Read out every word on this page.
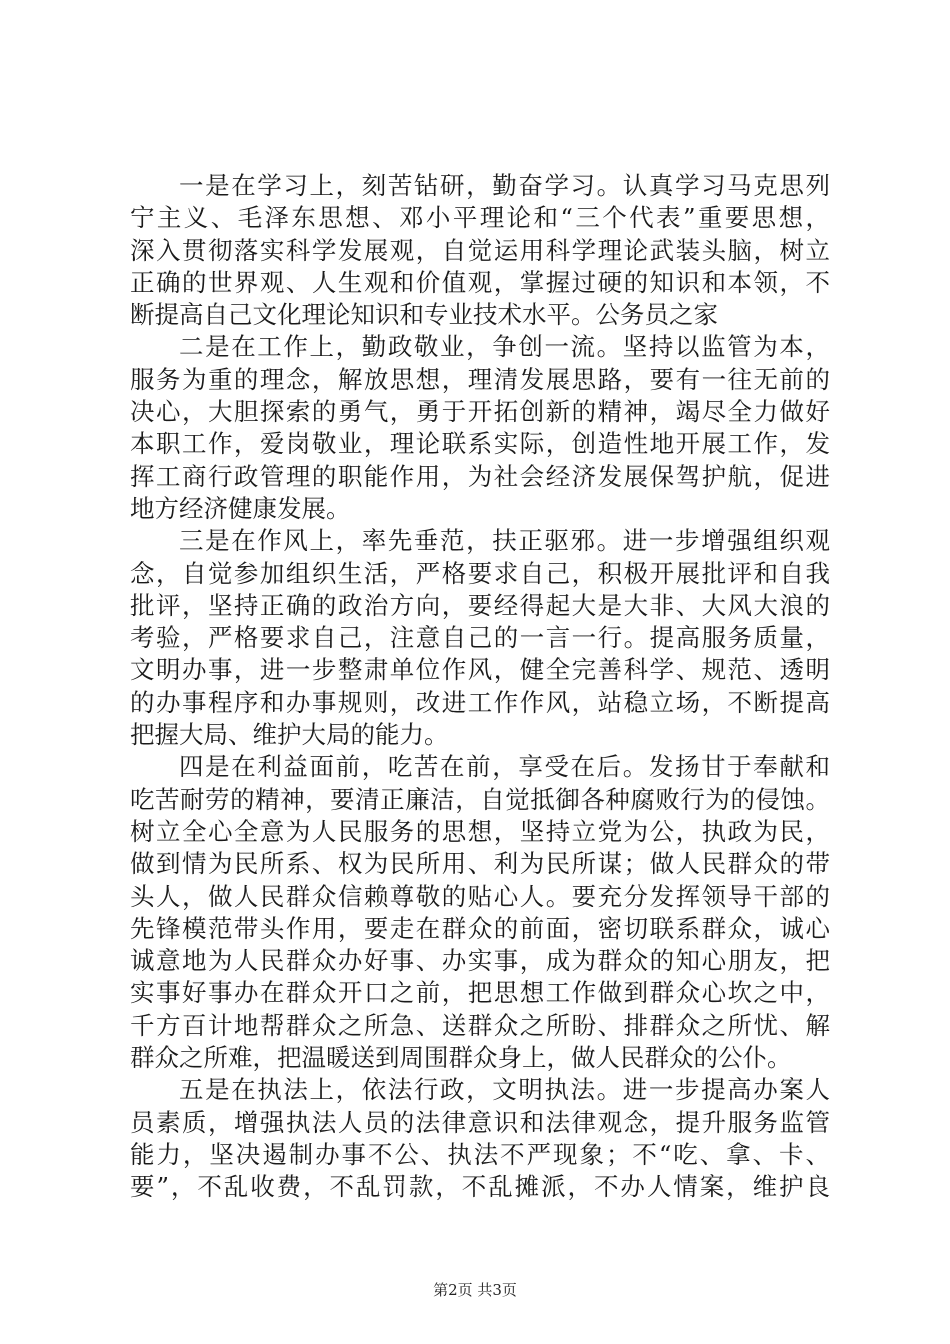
一是在学习上，刻苦钻研，勤奋学习。认真学习马克思列
宁主义、毛泽东思想、邓小平理论和“三个代表”重要思想，
深入贯彻落实科学发展观，自觉运用科学理论武装头脑，树立
正确的世界观、人生观和价值观，掌握过硬的知识和本领，不
断提高自己文化理论知识和专业技术水平。公务员之家
二是在工作上，勤政敬业，争创一流。坚持以监管为本，
服务为重的理念，解放思想，理清发展思路，要有一往无前的
决心，大胆探索的勇气，勇于开拓创新的精神，竭尽全力做好
本职工作，爱岗敬业，理论联系实际，创造性地开展工作，发
挥工商行政管理的职能作用，为社会经济发展保驾护航，促进
地方经济健康发展。
三是在作风上，率先垂范，扶正驱邪。进一步增强组织观
念，自觉参加组织生活，严格要求自己，积极开展批评和自我
批评，坚持正确的政治方向，要经得起大是大非、大风大浪的
考验，严格要求自己，注意自己的一言一行。提高服务质量，
文明办事，进一步整肃单位作风，健全完善科学、规范、透明
的办事程序和办事规则，改进工作作风，站稳立场，不断提高
把握大局、维护大局的能力。
四是在利益面前，吃苦在前，享受在后。发扬甘于奉献和
吃苦耐劳的精神，要清正廉洁，自觉抵御各种腐败行为的侵蚀。
树立全心全意为人民服务的思想，坚持立党为公，执政为民，
做到情为民所系、权为民所用、利为民所谋；做人民群众的带
头人，做人民群众信赖尊敬的贴心人。要充分发挥领导干部的
先锋模范带头作用，要走在群众的前面，密切联系群众，诚心
诚意地为人民群众办好事、办实事，成为群众的知心朋友，把
实事好事办在群众开口之前，把思想工作做到群众心坎之中，
千方百计地帮群众之所急、送群众之所盼、排群众之所忧、解
群众之所难，把温暖送到周围群众身上，做人民群众的公仆。
五是在执法上，依法行政，文明执法。进一步提高办案人
员素质，增强执法人员的法律意识和法律观念，提升服务监管
能力，坚决遏制办事不公、执法不严现象；不“吃、拿、卡、
要”，不乱收费，不乱罚款，不乱摊派，不办人情案，维护良
第2页 共3页
